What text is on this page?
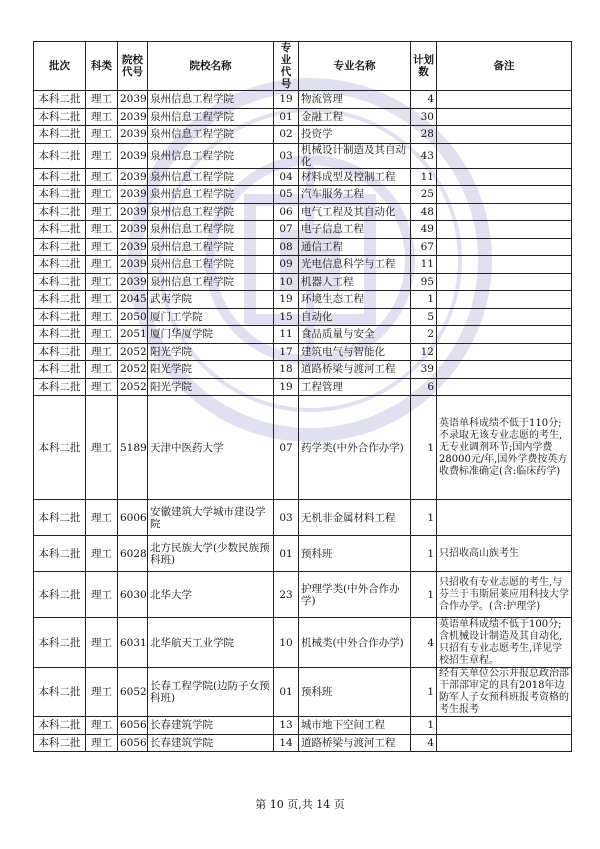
批次	科类	院校代号	院校名称	专业代号	专业名称	计划数	备注
本科二批	理工	2039	泉州信息工程学院	19	物流管理	4	
本科二批	理工	2039	泉州信息工程学院	01	金融工程	30	
本科二批	理工	2039	泉州信息工程学院	02	投资学	28	
本科二批	理工	2039	泉州信息工程学院	03	机械设计制造及其自动化	43	
本科二批	理工	2039	泉州信息工程学院	04	材料成型及控制工程	11	
本科二批	理工	2039	泉州信息工程学院	05	汽车服务工程	25	
本科二批	理工	2039	泉州信息工程学院	06	电气工程及其自动化	48	
本科二批	理工	2039	泉州信息工程学院	07	电子信息工程	49	
本科二批	理工	2039	泉州信息工程学院	08	通信工程	67	
本科二批	理工	2039	泉州信息工程学院	09	光电信息科学与工程	11	
本科二批	理工	2039	泉州信息工程学院	10	机器人工程	95	
本科二批	理工	2045	武夷学院	19	环境生态工程	1	
本科二批	理工	2050	厦门工学院	15	自动化	5	
本科二批	理工	2051	厦门华厦学院	11	食品质量与安全	2	
本科二批	理工	2052	阳光学院	17	建筑电气与智能化	12	
本科二批	理工	2052	阳光学院	18	道路桥梁与渡河工程	39	
本科二批	理工	2052	阳光学院	19	工程管理	6	
本科二批	理工	5189	天津中医药大学	07	药学类(中外合作办学)	1	英语单科成绩不低于110分;不录取无该专业志愿的考生,无专业调剂环节;国内学费28000元/年,国外学费按英方收费标准确定(含:临床药学)
本科二批	理工	6006	安徽建筑大学城市建设学院	03	无机非金属材料工程	1	
本科二批	理工	6028	北方民族大学(少数民族预科班)	01	预科班	1	只招收高山族考生
本科二批	理工	6030	北华大学	23	护理学类(中外合作办学)	1	只招收有专业志愿的考生,与芬兰于韦斯屈莱应用科技大学合作办学。(含:护理学)
本科二批	理工	6031	北华航天工业学院	10	机械类(中外合作办学)	4	英语单科成绩不低于100分;含机械设计制造及其自动化,只招有专业志愿考生,详见学校招生章程。
本科二批	理工	6052	长春工程学院(边防子女预科班)	01	预科班	1	经有关单位公示并报总政治部干部部审定的具有2018年边防军人子女预科班报考资格的考生报考
本科二批	理工	6056	长春建筑学院	13	城市地下空间工程	1	
本科二批	理工	6056	长春建筑学院	14	道路桥梁与渡河工程	4	
第 10 页,共 14 页
